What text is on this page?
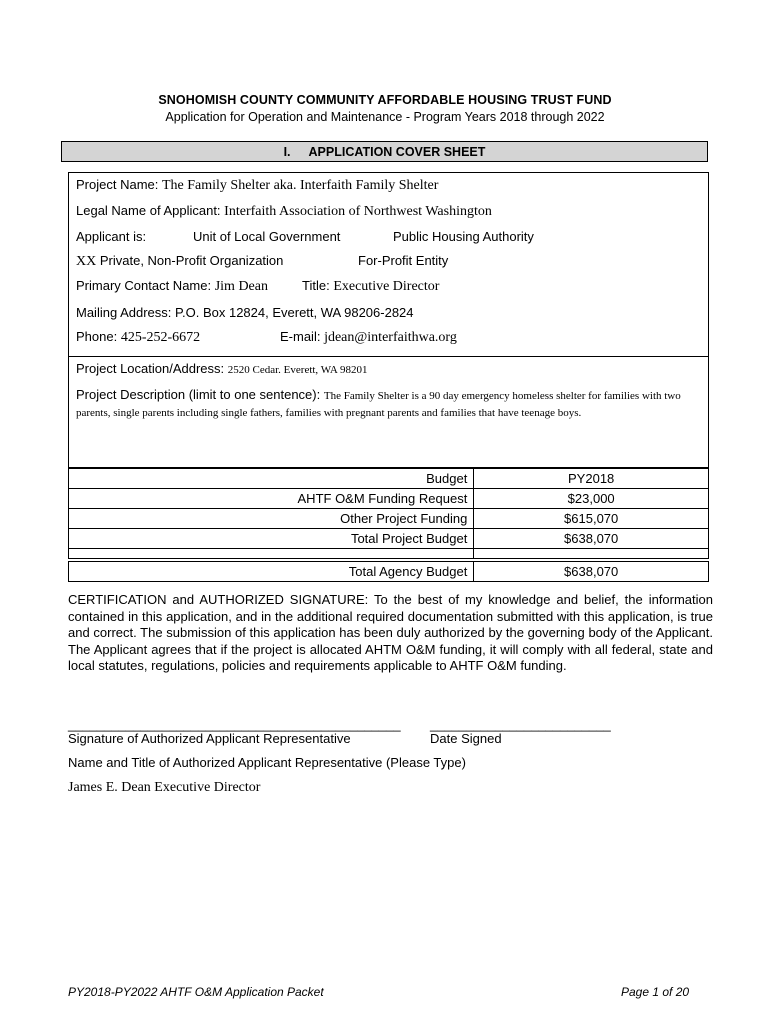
SNOHOMISH COUNTY COMMUNITY AFFORDABLE HOUSING TRUST FUND
Application for Operation and Maintenance - Program Years 2018 through 2022
I. APPLICATION COVER SHEET
Project Name: The Family Shelter aka. Interfaith Family Shelter
Legal Name of Applicant: Interfaith Association of Northwest Washington
Applicant is:	Unit of Local Government	Public Housing Authority
XX Private, Non-Profit Organization	For-Profit Entity
Primary Contact Name: Jim Dean	Title: Executive Director
Mailing Address: P.O. Box 12824, Everett, WA 98206-2824
Phone: 425-252-6672	E-mail: jdean@interfaithwa.org
Project Location/Address: 2520 Cedar. Everett, WA 98201
Project Description (limit to one sentence): The Family Shelter is a 90 day emergency homeless shelter for families with two parents, single parents including single fathers, families with pregnant parents and families that have teenage boys.
Budget	PY2018
AHTF O&M Funding Request	$23,000
Other Project Funding	$615,070
Total Project Budget	$638,070

Total Agency Budget	$638,070
CERTIFICATION and AUTHORIZED SIGNATURE: To the best of my knowledge and belief, the information contained in this application, and in the additional required documentation submitted with this application, is true and correct. The submission of this application has been duly authorized by the governing body of the Applicant. The Applicant agrees that if the project is allocated AHTM O&M funding, it will comply with all federal, state and local statutes, regulations, policies and requirements applicable to AHTF O&M funding.
______________________________________________ _________________________
Signature of Authorized Applicant Representative	Date Signed
Name and Title of Authorized Applicant Representative (Please Type)
James E. Dean Executive Director
PY2018-PY2022 AHTF O&M Application Packet	Page 1 of 20
